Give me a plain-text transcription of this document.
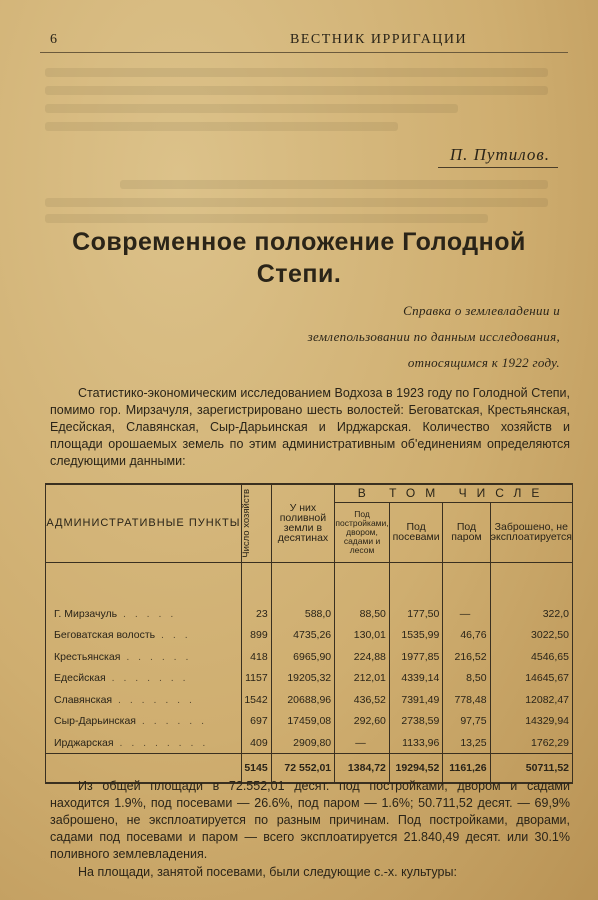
6	ВЕСТНИК ИРРИГАЦИИ
П. Путилов.
Современное положение Голодной Степи.
Справка о землевладении и землепользовании по данным исследования, относящимся к 1922 году.

Статистико-экономическим исследованием Водхоза в 1923 году по Голодной Степи, помимо гор. Мирзачуля, зарегистрировано шесть волостей: Беговатская, Крестьянская, Едесйская, Славянская, Сыр-Дарьинская и Ирджарская. Количество хозяйств и площади орошаемых земель по этим административным об'единениям определяются следующими данными:

АДМИНИСТРАТИВНЫЕ ПУНКТЫ	Число хозяйств	У них поливной земли в десятинах	В ТОМ ЧИСЛЕ			
			Под постройками, двором, садами и лесом	Под посевами	Под паром	Заброшено, не эксплоатируется

Г. Мирзачуль . . . . .	23	588,0	88,50	177,50	—	322,0
Беговатская волость . . .	899	4735,26	130,01	1535,99	46,76	3022,50
Крестьянская . . . . . .	418	6965,90	224,88	1977,85	216,52	4546,65
Едесйская . . . . . . .	1157	19205,32	212,01	4339,14	8,50	14645,67
Славянская . . . . . . .	1542	20688,96	436,52	7391,49	778,48	12082,47
Сыр-Дарьинская . . . . . .	697	17459,08	292,60	2738,59	97,75	14329,94
Ирджарская . . . . . . . .	409	2909,80	—	1133,96	13,25	1762,29
	5145	72 552,01	1384,72	19294,52	1161,26	50711,52

Из общей площади в 72.552,01 десят. под постройками, двором и садами находится 1.9%, под посевами — 26.6%, под паром — 1.6%; 50.711,52 десят. — 69,9% заброшено, не эксплоатируется по разным причинам. Под постройками, дворами, садами под посевами и паром — всего эксплоатируется 21.840,49 десят. или 30.1% поливного землевладения.

На площади, занятой посевами, были следующие с.-х. культуры:
